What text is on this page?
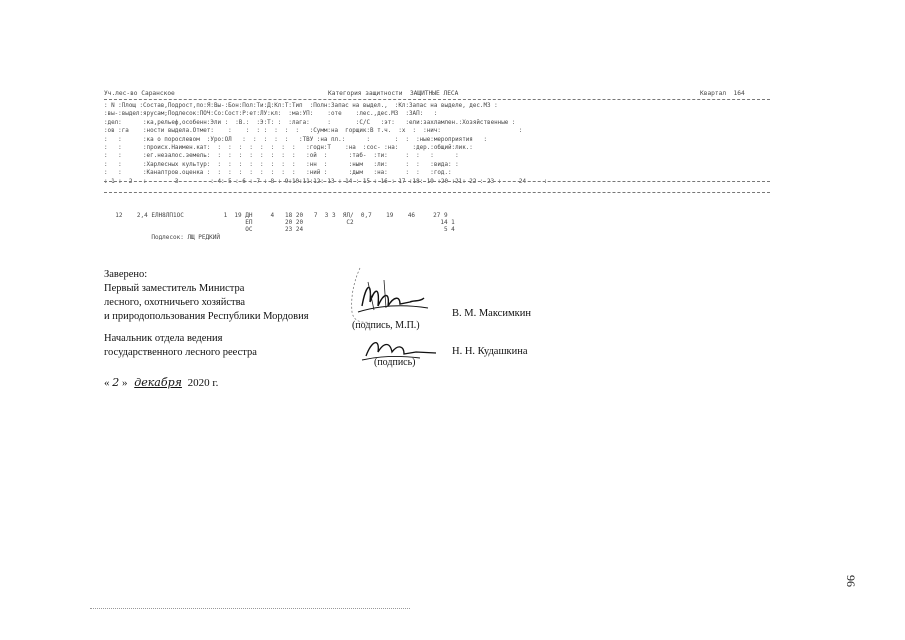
Уч.лес-во Саранское	Категория защитности  ЗАЩИТНЫЕ ЛЕСА	Квартал  164
: N :Площ :Состав,Подрост,по:Я:Вы-:Бон:Пол:Ти:Д:Кл:Т:Тип  :Полн:Запас на выдел.,  :Кл:Запас на выделе, дес.М3 :
:вы-:выдел:ярусам;Подлесок:ПОЧ:Со:Сост:Р:ет:ЛУ:кл:  :ма:УП:    :оте    :лес.,дес.М3  :ЗАП:   :
:дел:      :ка,рельеф,особенн:Эли :  :В.:  :Э:Т: :  :лага:     :       :С/С   :эт:   :ели:захламлен.:Хозяйственные :
:ов :га    :ности выдела.Отмет:    :    :  : :  :  :  :   :Сумм:на  горщик:В т.ч.  :х  :  :нич:                      :
:   :      :ка о порослевом  :Уро:ОЛ   :  :  :  :  :   :ТВУ :на пл.:      :       :  :  :ные:мероприятия   :
:   :      :происх.Наимен.кат:  :  :  :  :  :  :  :  :   :годн:Т    :на  :сос- :на:    :дер.:общий:лик.:
:   :      :ег.незалос.земель:  :  :  :  :  :  :  :  :   :ой  :      :таб-  :ти:     :  :   :      :
:   :      :Харлесных культур:  :  :  :  :  :  :  :  :   :нн  :      :ным   :ли:     :  :   :вида: :
:   :      :Каналтров.оценка :  :  :  :  :  :  :  :  :   :ний :      :дым   :на:     :  :   :год.:
: 1 :  2   :        3         : 4: 5 : 6 : 7 : 8 : 9:10:11:12: 13 : 14 : 15 : 16 : 17 :18: 19 :20 :21: 22 : 23 :     24     :
12    2,4 ЕЛН8ЛП1ОС           1  19 ДН     4   18 20   7  3 3  ЯЛ/  0,7    19    46     27 9
ЕП         20 20            С2                        14 1
ОС         23 24                                       5 4
Подлесок: ЛЩ РЕДКИЙ
Заверено:
Первый заместитель Министра
лесного, охотничьего хозяйства
и природопользования Республики Мордовия
(подпись, М.П.)
В. М. Максимкин
Начальник отдела ведения
государственного лесного реестра
(подпись)
Н. Н. Кудашкина
« 2 » декабря 2020 г.
96
